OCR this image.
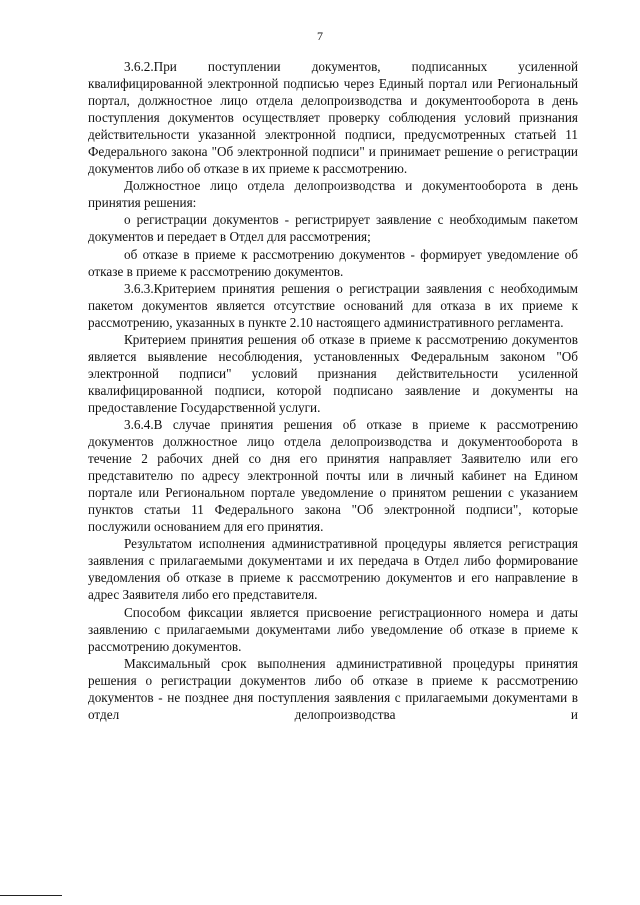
7

3.6.2.При поступлении документов, подписанных усиленной квалифицированной электронной подписью через Единый портал или Региональный портал, должностное лицо отдела делопроизводства и документооборота в день поступления документов осуществляет проверку соблюдения условий признания действительности указанной электронной подписи, предусмотренных статьей 11 Федерального закона "Об электронной подписи" и принимает решение о регистрации документов либо об отказе в их приеме к рассмотрению.

Должностное лицо отдела делопроизводства и документооборота в день принятия решения:

о регистрации документов - регистрирует заявление с необходимым пакетом документов и передает в Отдел для рассмотрения;

об отказе в приеме к рассмотрению документов - формирует уведомление об отказе в приеме к рассмотрению документов.

3.6.3.Критерием принятия решения о регистрации заявления с необходимым пакетом документов является отсутствие оснований для отказа в их приеме к рассмотрению, указанных в пункте 2.10 настоящего административного регламента.

Критерием принятия решения об отказе в приеме к рассмотрению документов является выявление несоблюдения, установленных Федеральным законом "Об электронной подписи" условий признания действительности усиленной квалифицированной подписи, которой подписано заявление и документы на предоставление Государственной услуги.

3.6.4.В случае принятия решения об отказе в приеме к рассмотрению документов должностное лицо отдела делопроизводства и документооборота в течение 2 рабочих дней со дня его принятия направляет Заявителю или его представителю по адресу электронной почты или в личный кабинет на Едином портале или Региональном портале уведомление о принятом решении с указанием пунктов статьи 11 Федерального закона "Об электронной подписи", которые послужили основанием для его принятия.

Результатом исполнения административной процедуры является регистрация заявления с прилагаемыми документами и их передача в Отдел либо формирование уведомления об отказе в приеме к рассмотрению документов и его направление в адрес Заявителя либо его представителя.

Способом фиксации является присвоение регистрационного номера и даты заявлению с прилагаемыми документами либо уведомление об отказе в приеме к рассмотрению документов.

Максимальный срок выполнения административной процедуры принятия решения о регистрации документов либо об отказе в приеме к рассмотрению документов - не позднее дня поступления заявления с прилагаемыми документами в отдел делопроизводства и
